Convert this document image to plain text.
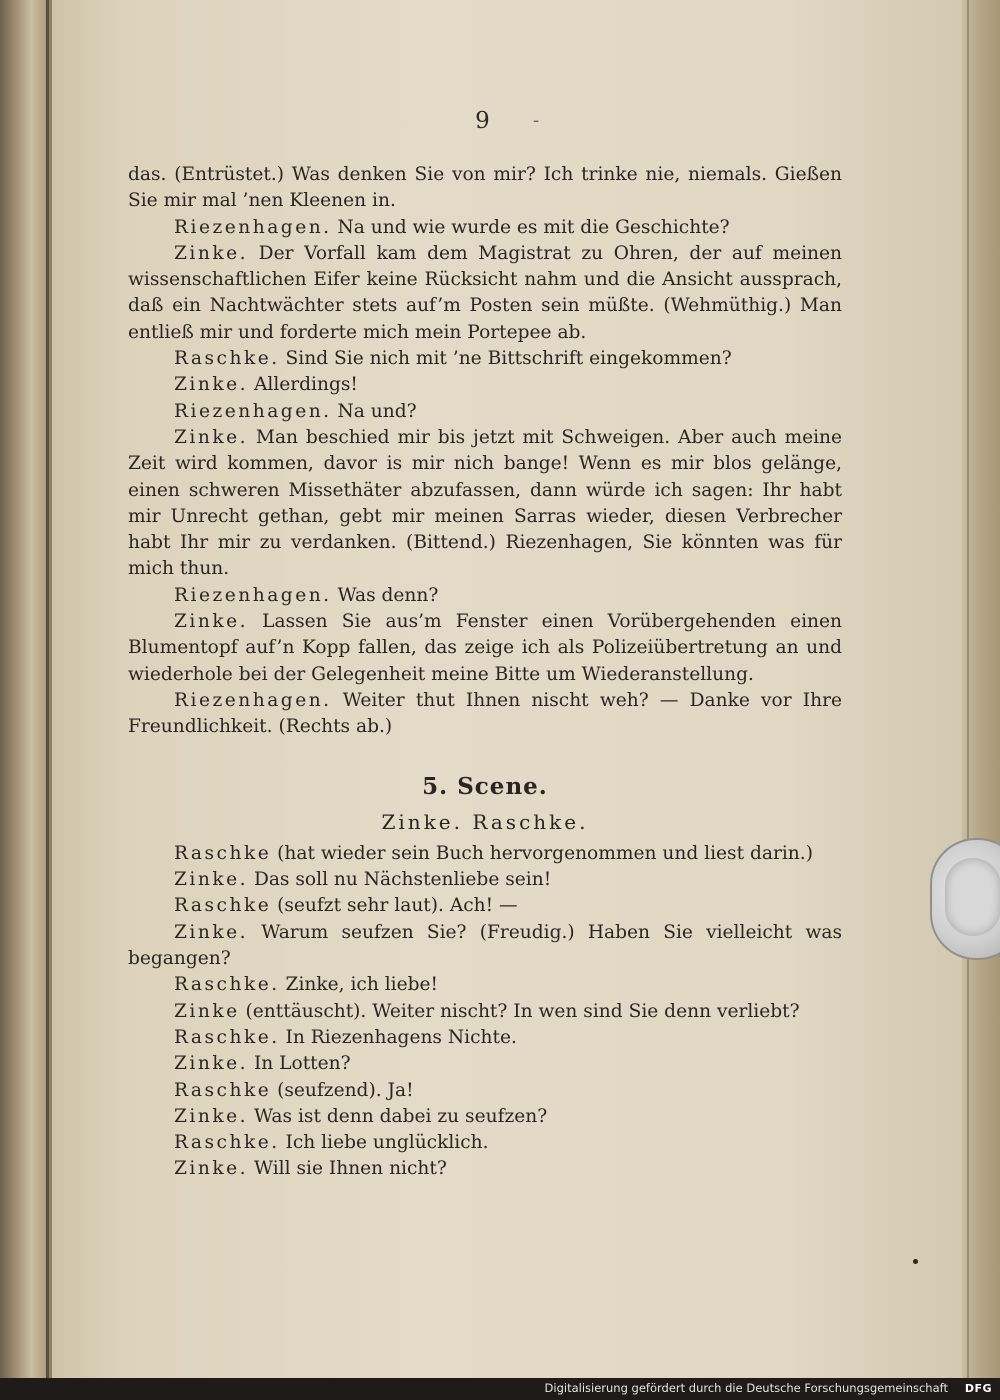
9	-

das. (Entrüstet.) Was denken Sie von mir? Ich trinke nie, niemals. Gießen Sie mir mal ’nen Kleenen in.

Riezenhagen. Na und wie wurde es mit die Geschichte?

Zinke. Der Vorfall kam dem Magistrat zu Ohren, der auf meinen wissenschaftlichen Eifer keine Rücksicht nahm und die Ansicht aussprach, daß ein Nachtwächter stets auf’m Posten sein müßte. (Wehmüthig.) Man entließ mir und forderte mich mein Portepee ab.

Raschke. Sind Sie nich mit ’ne Bittschrift eingekommen?

Zinke. Allerdings!

Riezenhagen. Na und?

Zinke. Man beschied mir bis jetzt mit Schweigen. Aber auch meine Zeit wird kommen, davor is mir nich bange! Wenn es mir blos gelänge, einen schweren Missethäter abzufassen, dann würde ich sagen: Ihr habt mir Unrecht gethan, gebt mir meinen Sarras wieder, diesen Verbrecher habt Ihr mir zu verdanken. (Bittend.) Riezenhagen, Sie könnten was für mich thun.

Riezenhagen. Was denn?

Zinke. Lassen Sie aus’m Fenster einen Vorübergehenden einen Blumentopf auf’n Kopp fallen, das zeige ich als Polizeiübertretung an und wiederhole bei der Gelegenheit meine Bitte um Wiederanstellung.

Riezenhagen. Weiter thut Ihnen nischt weh? — Danke vor Ihre Freundlichkeit. (Rechts ab.)

5. Scene.

Zinke. Raschke.

Raschke (hat wieder sein Buch hervorgenommen und liest darin.)

Zinke. Das soll nu Nächstenliebe sein!

Raschke (seufzt sehr laut). Ach! —

Zinke. Warum seufzen Sie? (Freudig.) Haben Sie vielleicht was begangen?

Raschke. Zinke, ich liebe!

Zinke (enttäuscht). Weiter nischt? In wen sind Sie denn verliebt?

Raschke. In Riezenhagens Nichte.

Zinke. In Lotten?

Raschke (seufzend). Ja!

Zinke. Was ist denn dabei zu seufzen?

Raschke. Ich liebe unglücklich.

Zinke. Will sie Ihnen nicht?

Digitalisierung gefördert durch die Deutsche Forschungsgemeinschaft DFG
